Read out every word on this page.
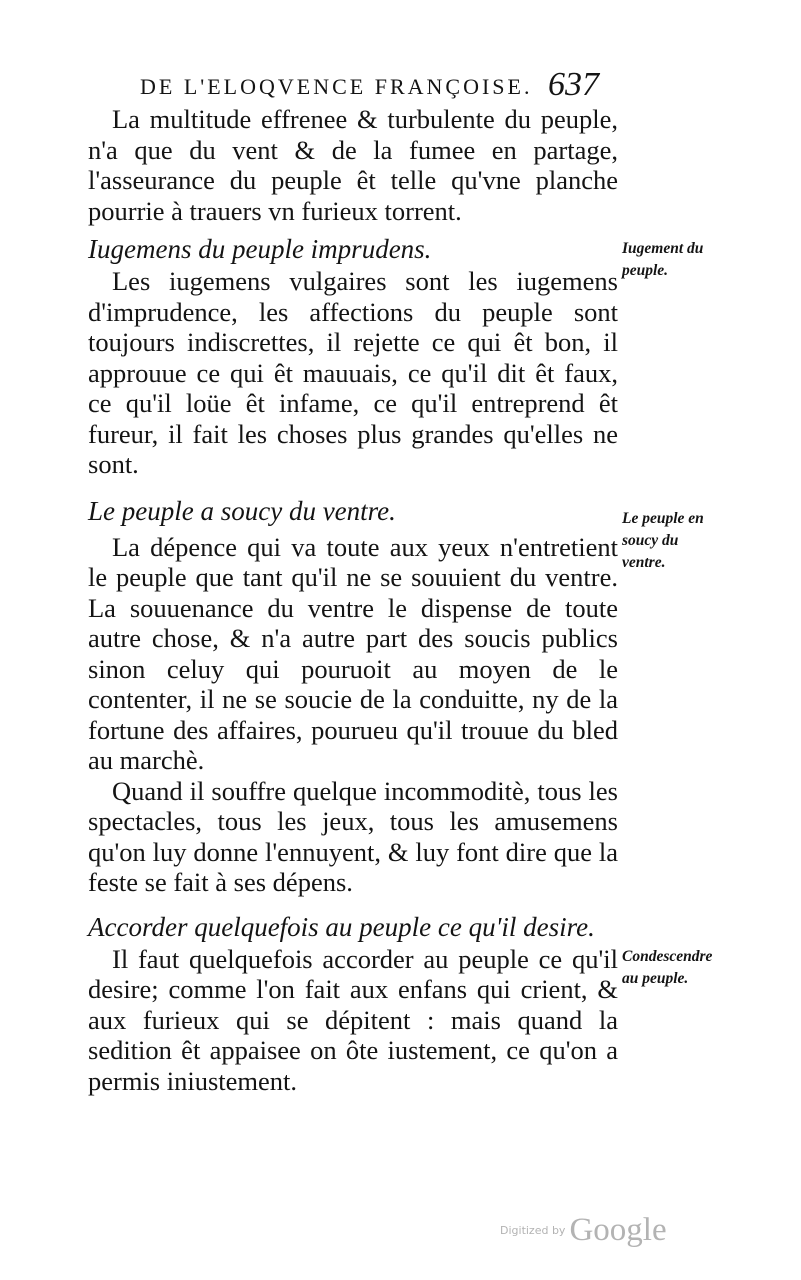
DE L'ELOQVENCE FRANÇOISE. 637

La multitude effrenee & turbulente du peuple, n'a que du vent & de la fumee en partage, l'asseurance du peuple êt telle qu'vne planche pourrie à trauers vn furieux torrent.

Iugemens du peuple imprudens.

Les iugemens vulgaires sont les iugemens d'imprudence, les affections du peuple sont toujours indiscrettes, il rejette ce qui êt bon, il approuue ce qui êt mauuais, ce qu'il dit êt faux, ce qu'il loüe êt infame, ce qu'il entreprend êt fureur, il fait les choses plus grandes qu'elles ne sont.

Le peuple a soucy du ventre.

La dépence qui va toute aux yeux n'entretient le peuple que tant qu'il ne se souuient du ventre. La souuenance du ventre le dispense de toute autre chose, & n'a autre part des soucis publics sinon celuy qui pouruoit au moyen de le contenter, il ne se soucie de la conduitte, ny de la fortune des affaires, pourueu qu'il trouue du bled au marchè.

Quand il souffre quelque incommoditè, tous les spectacles, tous les jeux, tous les amusemens qu'on luy donne l'ennuyent, & luy font dire que la feste se fait à ses dépens.

Accorder quelquefois au peuple ce qu'il desire.

Il faut quelquefois accorder au peuple ce qu'il desire; comme l'on fait aux enfans qui crient, & aux furieux qui se dépitent : mais quand la sedition êt appaisee on ôte iustement, ce qu'on a permis iniustement.

Iugement du peuple.
Le peuple en soucy du ventre.
Condescendre au peuple.
Digitized by Google
